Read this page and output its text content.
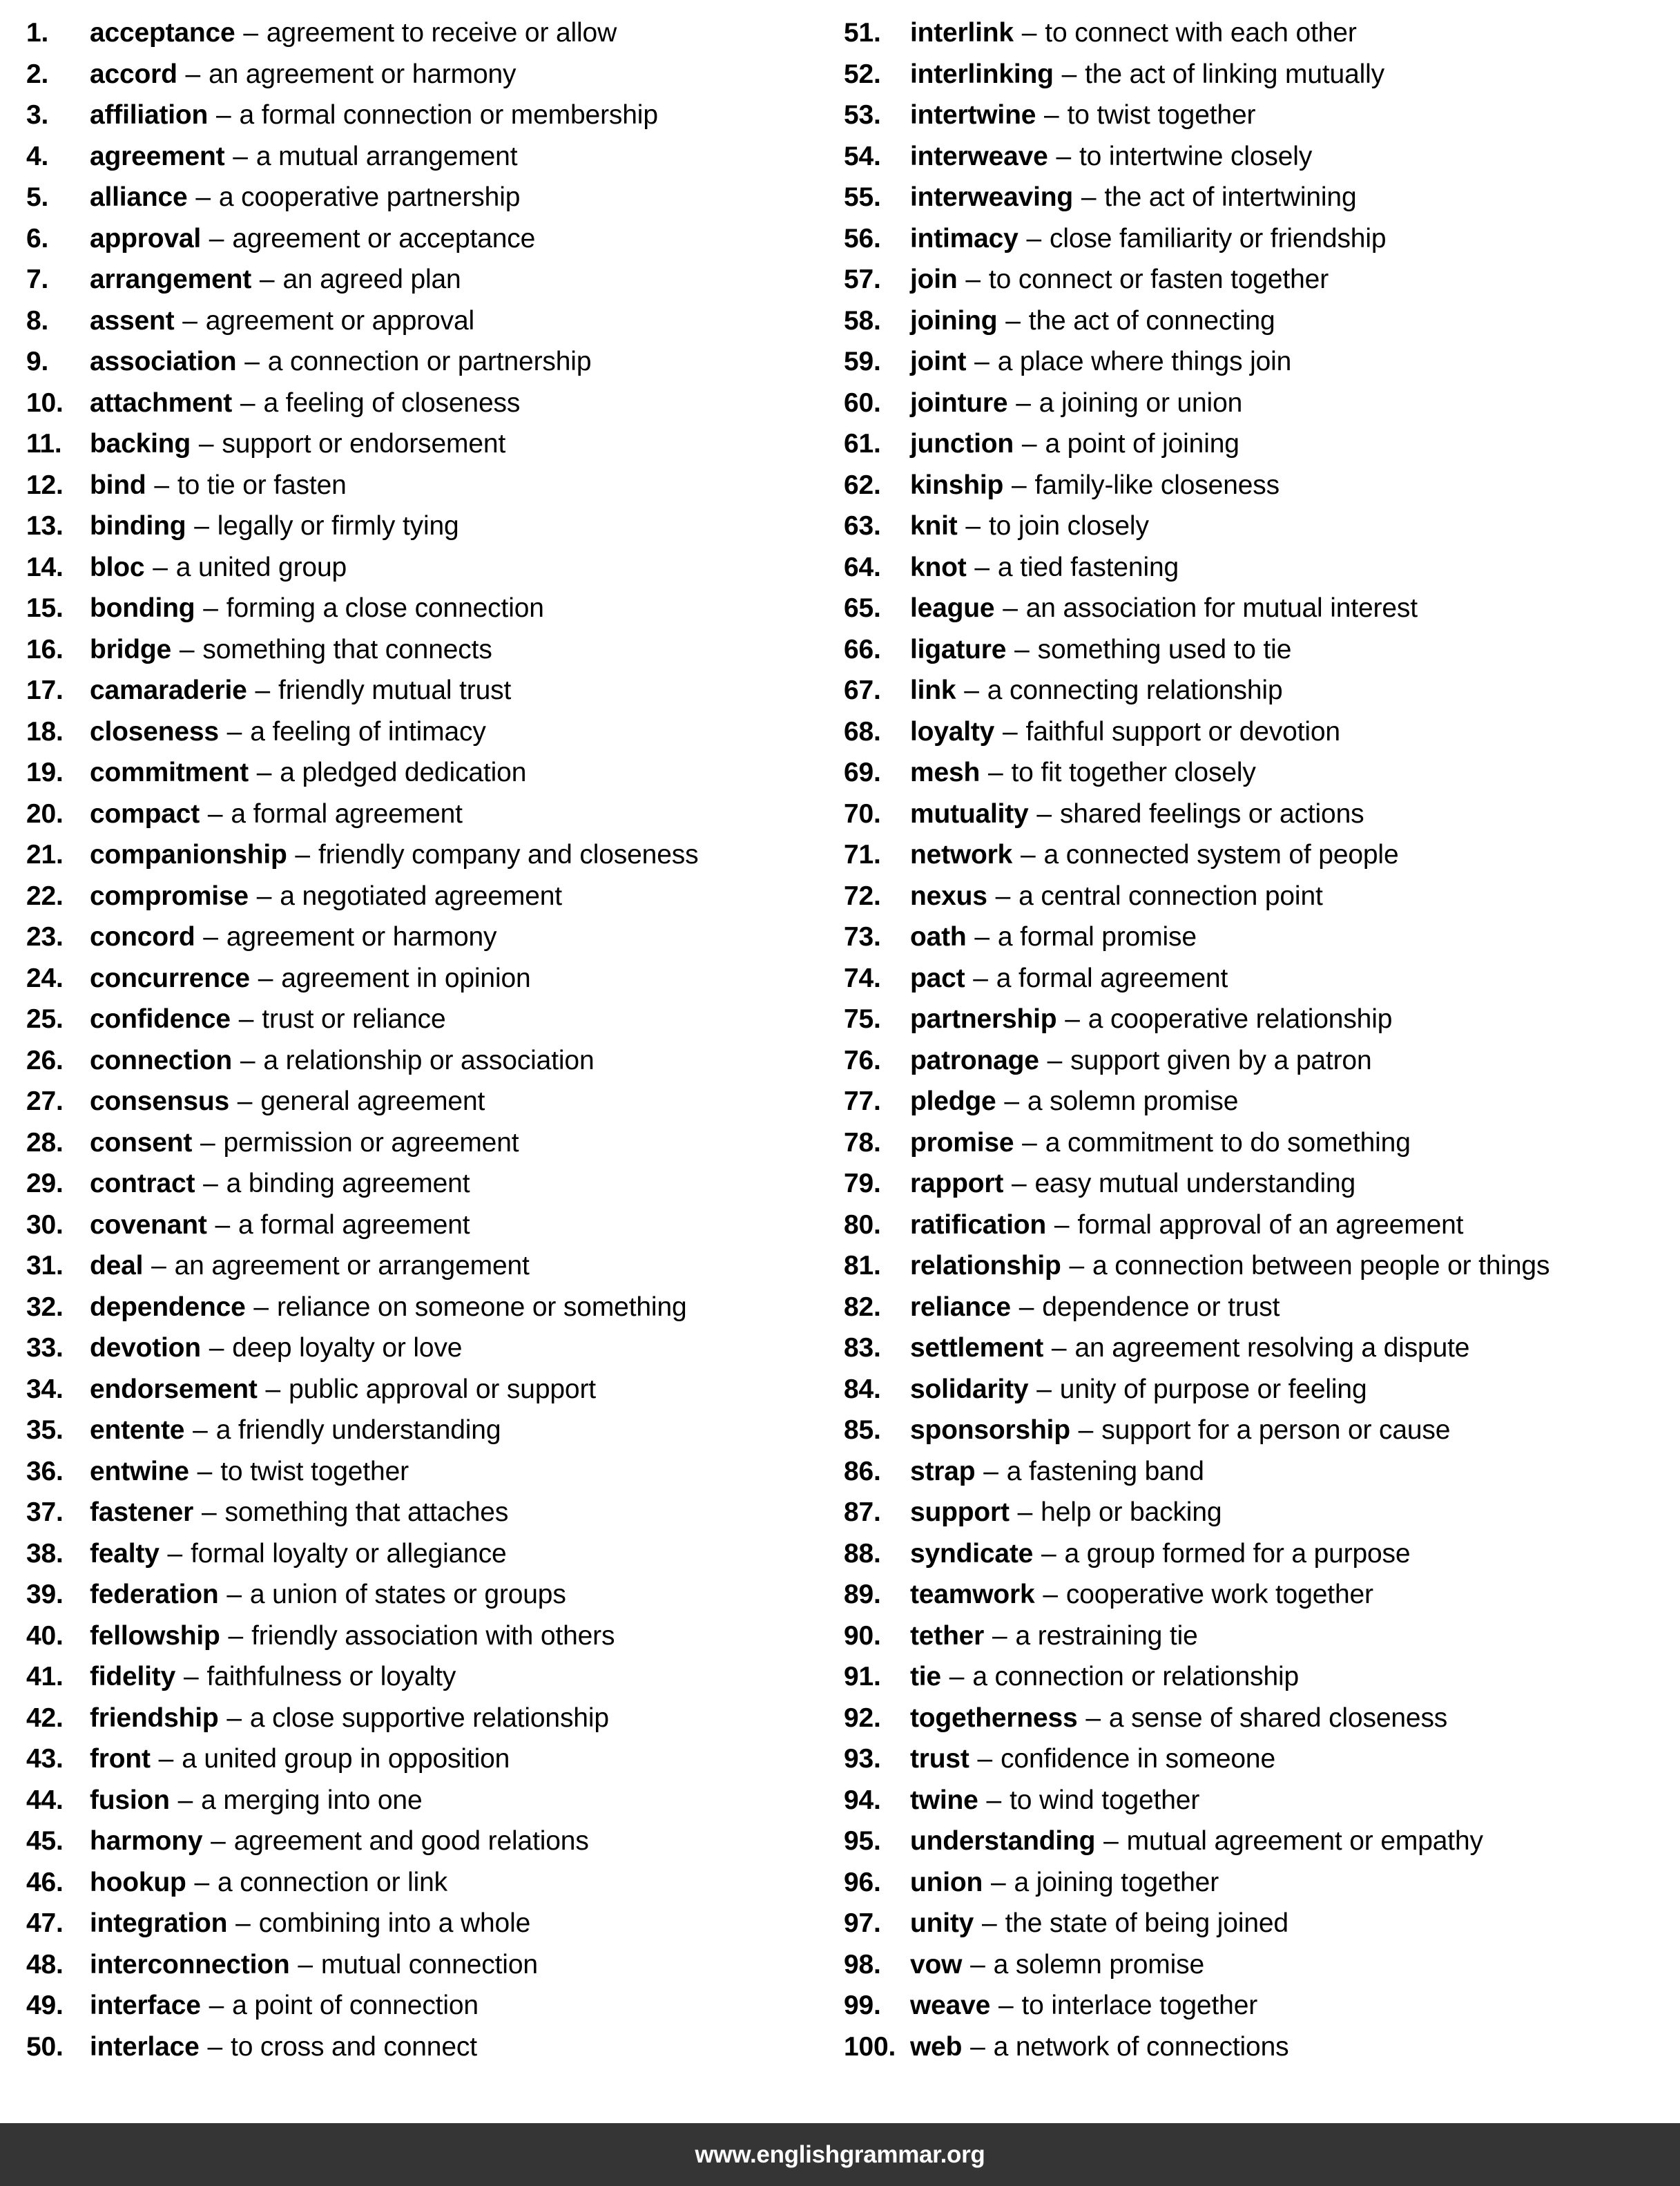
1.	acceptance – agreement to receive or allow
2.	accord – an agreement or harmony
3.	affiliation – a formal connection or membership
4.	agreement – a mutual arrangement
5.	alliance – a cooperative partnership
6.	approval – agreement or acceptance
7.	arrangement – an agreed plan
8.	assent – agreement or approval
9.	association – a connection or partnership
10. attachment – a feeling of closeness
11.	backing – support or endorsement
12. bind – to tie or fasten
13. binding – legally or firmly tying
14. bloc – a united group
15. bonding – forming a close connection
16. bridge – something that connects
17. camaraderie – friendly mutual trust
18. closeness – a feeling of intimacy
19. commitment – a pledged dedication
20. compact – a formal agreement
21. companionship – friendly company and closeness
22. compromise – a negotiated agreement
23. concord – agreement or harmony
24. concurrence – agreement in opinion
25. confidence – trust or reliance
26. connection – a relationship or association
27. consensus – general agreement
28. consent – permission or agreement
29. contract – a binding agreement
30. covenant – a formal agreement
31. deal – an agreement or arrangement
32. dependence – reliance on someone or something
33. devotion – deep loyalty or love
34. endorsement – public approval or support
35. entente – a friendly understanding
36. entwine – to twist together
37. fastener – something that attaches
38. fealty – formal loyalty or allegiance
39. federation – a union of states or groups
40. fellowship – friendly association with others
41. fidelity – faithfulness or loyalty
42. friendship – a close supportive relationship
43. front – a united group in opposition
44. fusion – a merging into one
45. harmony – agreement and good relations
46. hookup – a connection or link
47. integration – combining into a whole
48. interconnection – mutual connection
49. interface – a point of connection
50. interlace – to cross and connect
51.	interlink – to connect with each other
52.	interlinking – the act of linking mutually
53.	intertwine – to twist together
54.	interweave – to intertwine closely
55.	interweaving – the act of intertwining
56.	intimacy – close familiarity or friendship
57.	join – to connect or fasten together
58.	joining – the act of connecting
59.	joint – a place where things join
60.	jointure – a joining or union
61.	junction – a point of joining
62.	kinship – family-like closeness
63.	knit – to join closely
64.	knot – a tied fastening
65.	league – an association for mutual interest
66.	ligature – something used to tie
67.	link – a connecting relationship
68.	loyalty – faithful support or devotion
69.	mesh – to fit together closely
70.	mutuality – shared feelings or actions
71.	network – a connected system of people
72.	nexus – a central connection point
73.	oath – a formal promise
74.	pact – a formal agreement
75.	partnership – a cooperative relationship
76.	patronage – support given by a patron
77.	pledge – a solemn promise
78.	promise – a commitment to do something
79.	rapport – easy mutual understanding
80.	ratification – formal approval of an agreement
81.	relationship – a connection between people or things
82.	reliance – dependence or trust
83.	settlement – an agreement resolving a dispute
84.	solidarity – unity of purpose or feeling
85.	sponsorship – support for a person or cause
86.	strap – a fastening band
87.	support – help or backing
88.	syndicate – a group formed for a purpose
89.	teamwork – cooperative work together
90.	tether – a restraining tie
91.	tie – a connection or relationship
92.	togetherness – a sense of shared closeness
93.	trust – confidence in someone
94.	twine – to wind together
95.	understanding – mutual agreement or empathy
96.	union – a joining together
97.	unity – the state of being joined
98.	vow – a solemn promise
99.	weave – to interlace together
100. web – a network of connections
www.englishgrammar.org
